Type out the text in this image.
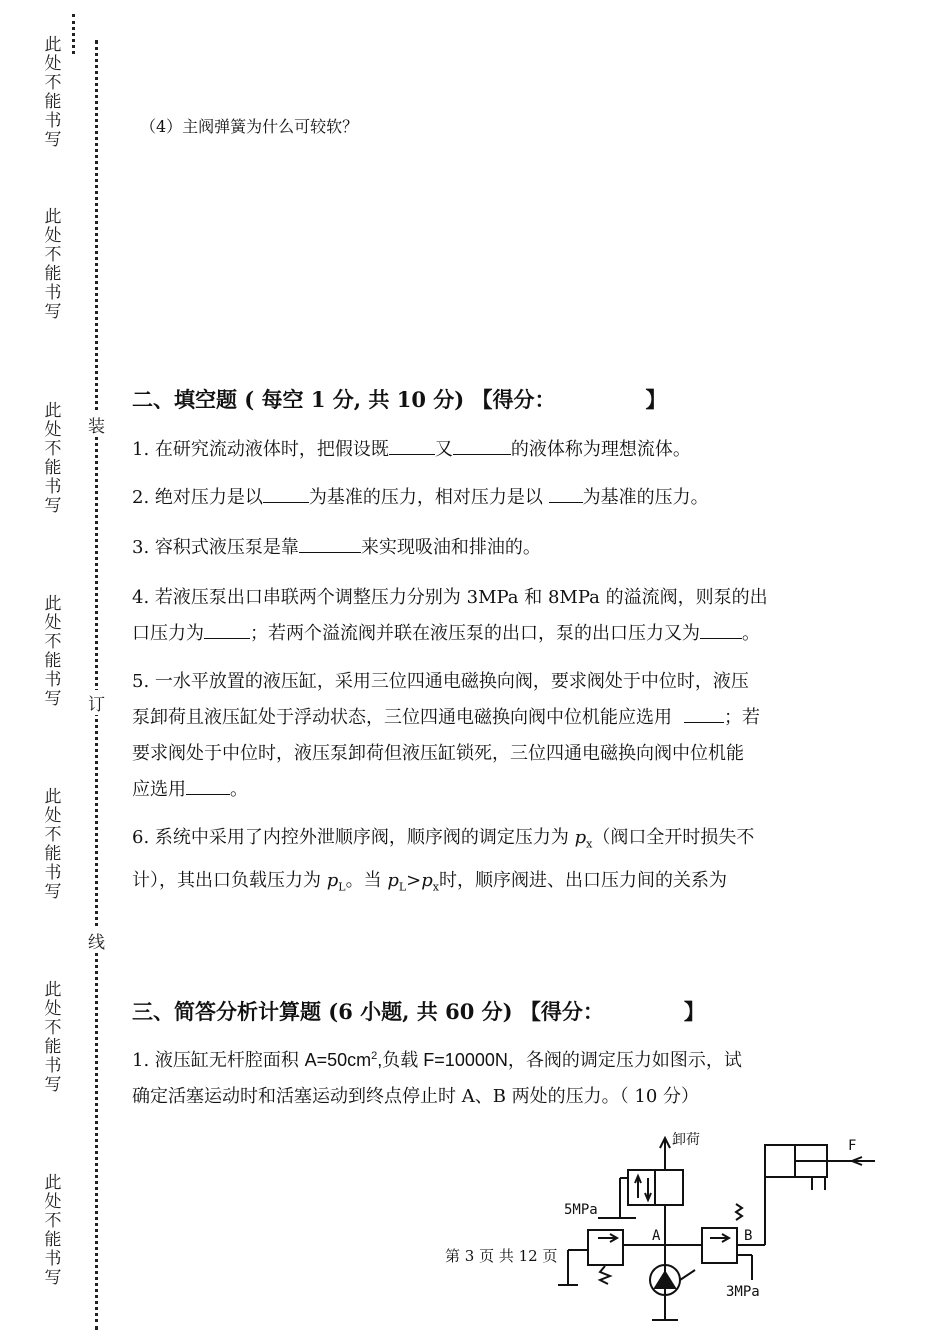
此处不能书写
此处不能书写
此处不能书写
此处不能书写
此处不能书写
此处不能书写
此处不能书写
装
订
线
（4）主阀弹簧为什么可较软？
二、填空题 ( 每空 1 分, 共 10 分) 【得分：	】
1. 在研究流动液体时，把假设既	又	的液体称为理想流体。
2. 绝对压力是以	为基准的压力，相对压力是以 为基准的压力。
3. 容积式液压泵是靠	来实现吸油和排油的。
4. 若液压泵出口串联两个调整压力分别为 3MPa 和 8MPa 的溢流阀，则泵的出
口压力为	；若两个溢流阀并联在液压泵的出口，泵的出口压力又为 。
5. 一水平放置的液压缸，采用三位四通电磁换向阀，要求阀处于中位时，液压
泵卸荷且液压缸处于浮动状态，三位四通电磁换向阀中位机能应选用	；若
要求阀处于中位时，液压泵卸荷但液压缸锁死，三位四通电磁换向阀中位机能
应选用 。
6. 系统中采用了内控外泄顺序阀，顺序阀的调定压力为 $p_x$（阀口全开时损失不
计），其出口负载压力为 $p_L$。当 $p_L>p_x$时，顺序阀进、出口压力间的关系为
三、简答分析计算题 (6 小题, 共 60 分) 【得分：	】
1. 液压缸无杆腔面积 $A=50cm^2$,负载 F=10000N，各阀的调定压力如图示，试
确定活塞运动时和活塞运动到终点停止时 A、B 两处的压力。（ 10 分）
卸荷
5MPa
3MPa
A	B
F
第 3 页 共 12 页
